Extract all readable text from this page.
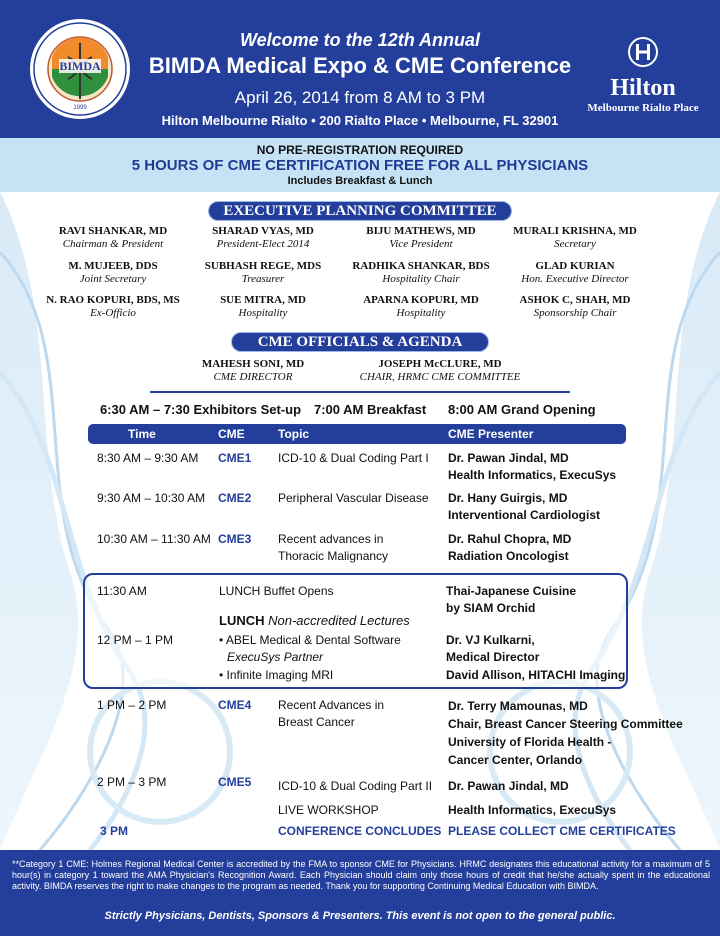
BIMDA
1999
Welcome to the 12th Annual
BIMDA Medical Expo & CME Conference
April 26, 2014 from 8 AM to 3 PM
Hilton Melbourne Rialto • 200 Rialto Place • Melbourne, FL 32901
Hilton
Melbourne Rialto Place
NO PRE-REGISTRATION REQUIRED
5 HOURS OF CME CERTIFICATION FREE FOR ALL PHYSICIANS
Includes Breakfast & Lunch
EXECUTIVE PLANNING COMMITTEE
RAVI SHANKAR, MD
Chairman & President
SHARAD VYAS, MD
President-Elect 2014
BIJU MATHEWS, MD
Vice President
MURALI KRISHNA, MD
Secretary
M. MUJEEB, DDS
Joint Secretary
SUBHASH REGE, MDS
Treasurer
RADHIKA SHANKAR, BDS
Hospitality Chair
GLAD KURIAN
Hon. Executive Director
N. RAO KOPURI, BDS, MS
Ex-Officio
SUE MITRA, MD
Hospitality
APARNA KOPURI, MD
Hospitality
ASHOK C, SHAH, MD
Sponsorship Chair
CME OFFICIALS & AGENDA
MAHESH SONI, MD
CME DIRECTOR
JOSEPH McCLURE, MD
CHAIR, HRMC CME COMMITTEE
6:30 AM – 7:30 Exhibitors Set-up 7:00 AM Breakfast 8:00 AM Grand Opening
Time	CME	Topic	CME Presenter
8:30 AM – 9:30 AM CME1 ICD-10 & Dual Coding Part I	Dr. Pawan Jindal, MD
Health Informatics, ExecuSys
9:30 AM – 10:30 AM CME2 Peripheral Vascular Disease	Dr. Hany Guirgis, MD
Interventional Cardiologist
10:30 AM – 11:30 AM CME3 Recent advances in
Thoracic Malignancy
Dr. Rahul Chopra, MD
Radiation Oncologist
11:30 AM	LUNCH Buffet Opens	Thai-Japanese Cuisine
by SIAM Orchid
LUNCH Non-accredited Lectures
12 PM – 1 PM	• ABEL Medical & Dental Software
ExecuSys Partner
Dr. VJ Kulkarni,
Medical Director
• Infinite Imaging MRI	David Allison, HITACHI Imaging
1 PM – 2 PM	CME4 Recent Advances in
Breast Cancer
Dr. Terry Mamounas, MD
Chair, Breast Cancer Steering Committee
University of Florida Health -
Cancer Center, Orlando
2 PM – 3 PM	CME5 ICD-10 & Dual Coding Part II
LIVE WORKSHOP
Dr. Pawan Jindal, MD
Health Informatics, ExecuSys
3 PM	CONFERENCE CONCLUDES PLEASE COLLECT CME CERTIFICATES
**Category 1 CME: Holmes Regional Medical Center is accredited by the FMA to sponsor CME for Physicians. HRMC designates this educational activity for a maximum of 5 hour(s) in category 1 toward the AMA Physician's Recognition Award. Each Physician should claim only those hours of credit that he/she actually spent in the educational activity. BIMDA reserves the right to make changes to the program as needed. Thank you for supporting Continuing Medical Education with BIMDA.
Strictly Physicians, Dentists, Sponsors & Presenters. This event is not open to the general public.
